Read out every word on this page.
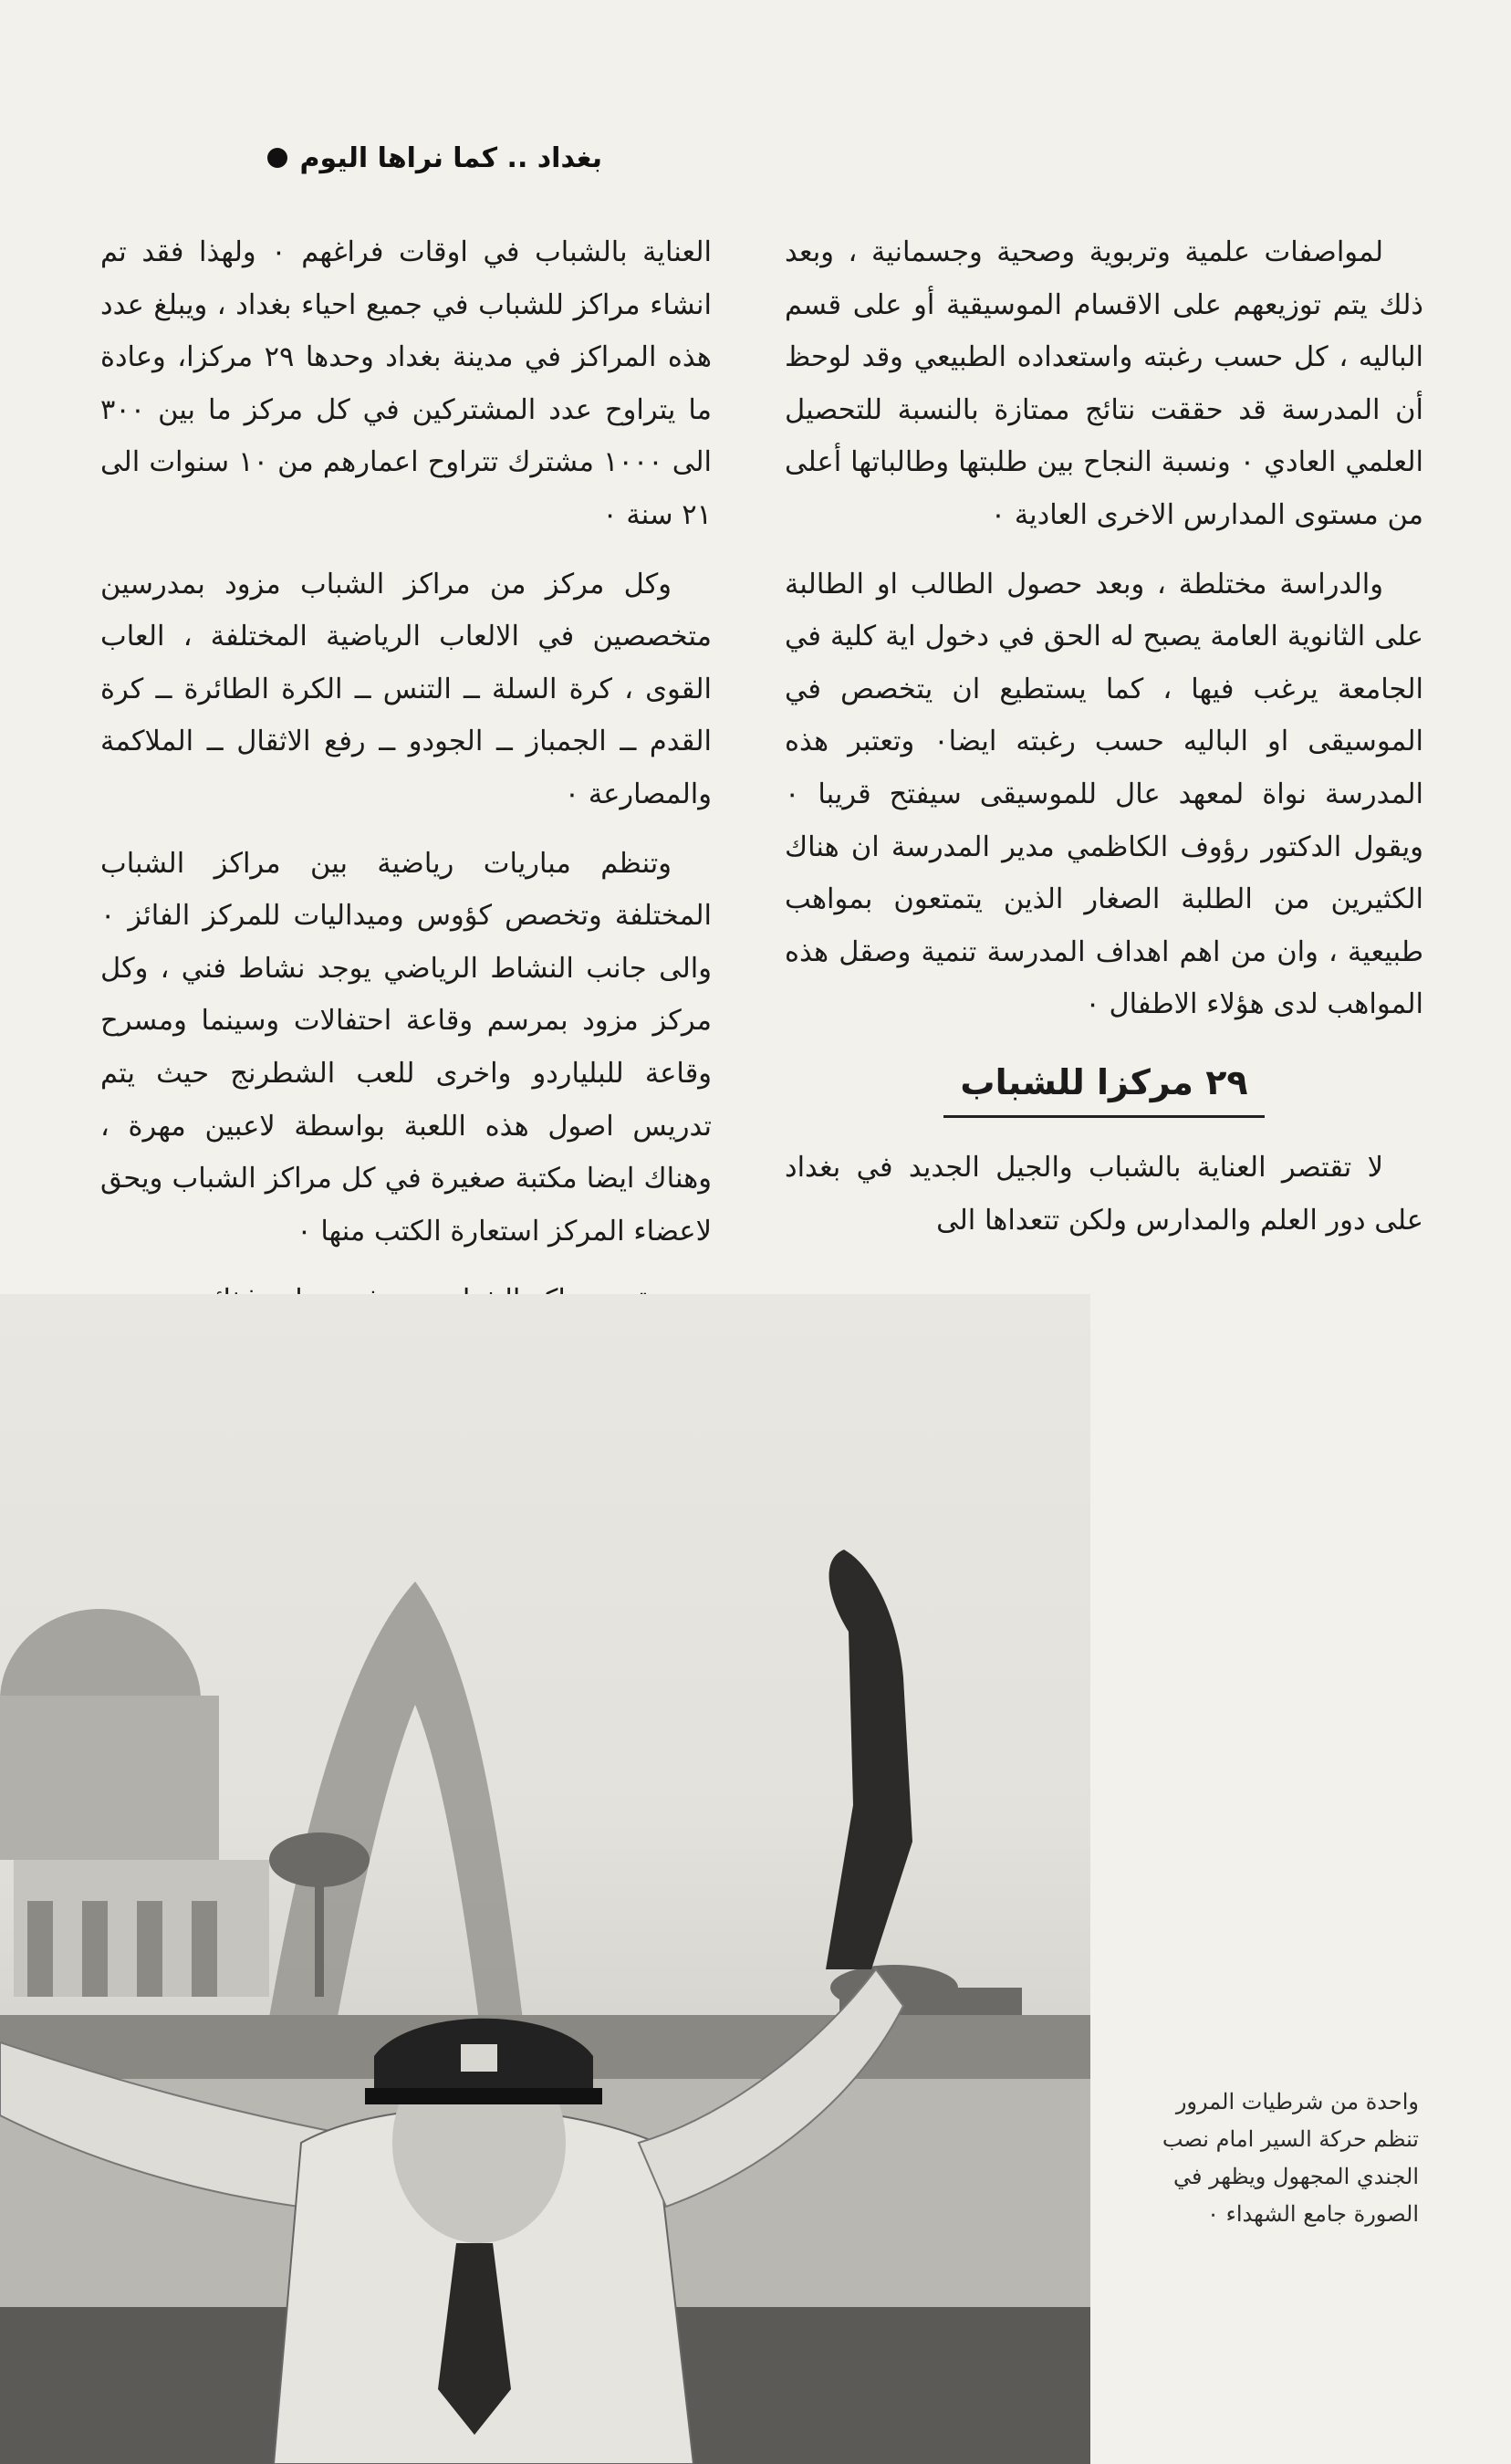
بغداد .. كما نراها اليوم

لمواصفات علمية وتربوية وصحية وجسمانية ، وبعد ذلك يتم توزيعهم على الاقسام الموسيقية أو على قسم الباليه ، كل حسب رغبته واستعداده الطبيعي وقد لوحظ أن المدرسة قد حققت نتائج ممتازة بالنسبة للتحصيل العلمي العادي ٠ ونسبة النجاح بين طلبتها وطالباتها أعلى من مستوى المدارس الاخرى العادية ٠

والدراسة مختلطة ، وبعد حصول الطالب او الطالبة على الثانوية العامة يصبح له الحق في دخول اية كلية في الجامعة يرغب فيها ، كما يستطيع ان يتخصص في الموسيقى او الباليه حسب رغبته ايضا٠ وتعتبر هذه المدرسة نواة لمعهد عال للموسيقى سيفتح قريبا ٠ ويقول الدكتور رؤوف الكاظمي مدير المدرسة ان هناك الكثيرين من الطلبة الصغار الذين يتمتعون بمواهب طبيعية ، وان من اهم اهداف المدرسة تنمية وصقل هذه المواهب لدى هؤلاء الاطفال ٠

٢٩ مركزا للشباب

لا تقتصر العناية بالشباب والجيل الجديد في بغداد على دور العلم والمدارس ولكن تتعداها الى

العناية بالشباب في اوقات فراغهم ٠ ولهذا فقد تم انشاء مراكز للشباب في جميع احياء بغداد ، ويبلغ عدد هذه المراكز في مدينة بغداد وحدها ٢٩ مركزا، وعادة ما يتراوح عدد المشتركين في كل مركز ما بين ٣٠٠ الى ١٠٠٠ مشترك تتراوح اعمارهم من ١٠ سنوات الى ٢١ سنة ٠

وكل مركز من مراكز الشباب مزود بمدرسين متخصصين في الالعاب الرياضية المختلفة ، العاب القوى ، كرة السلة ــ التنس ــ الكرة الطائرة ــ كرة القدم ــ الجمباز ــ الجودو ــ رفع الاثقال ــ الملاكمة والمصارعة ٠

وتنظم مباريات رياضية بين مراكز الشباب المختلفة وتخصص كؤوس وميداليات للمركز الفائز ٠ والى جانب النشاط الرياضي يوجد نشاط فني ، وكل مركز مزود بمرسم وقاعة احتفالات وسينما ومسرح وقاعة للبلياردو واخرى للعب الشطرنج حيث يتم تدريس اصول هذه اللعبة بواسطة لاعبين مهرة ، وهناك ايضا مكتبة صغيرة في كل مراكز الشباب ويحق لاعضاء المركز استعارة الكتب منها ٠

واحدة من شرطيات المرور تنظم حركة السير امام نصب الجندي المجهول ويظهر في الصورة جامع الشهداء ٠
